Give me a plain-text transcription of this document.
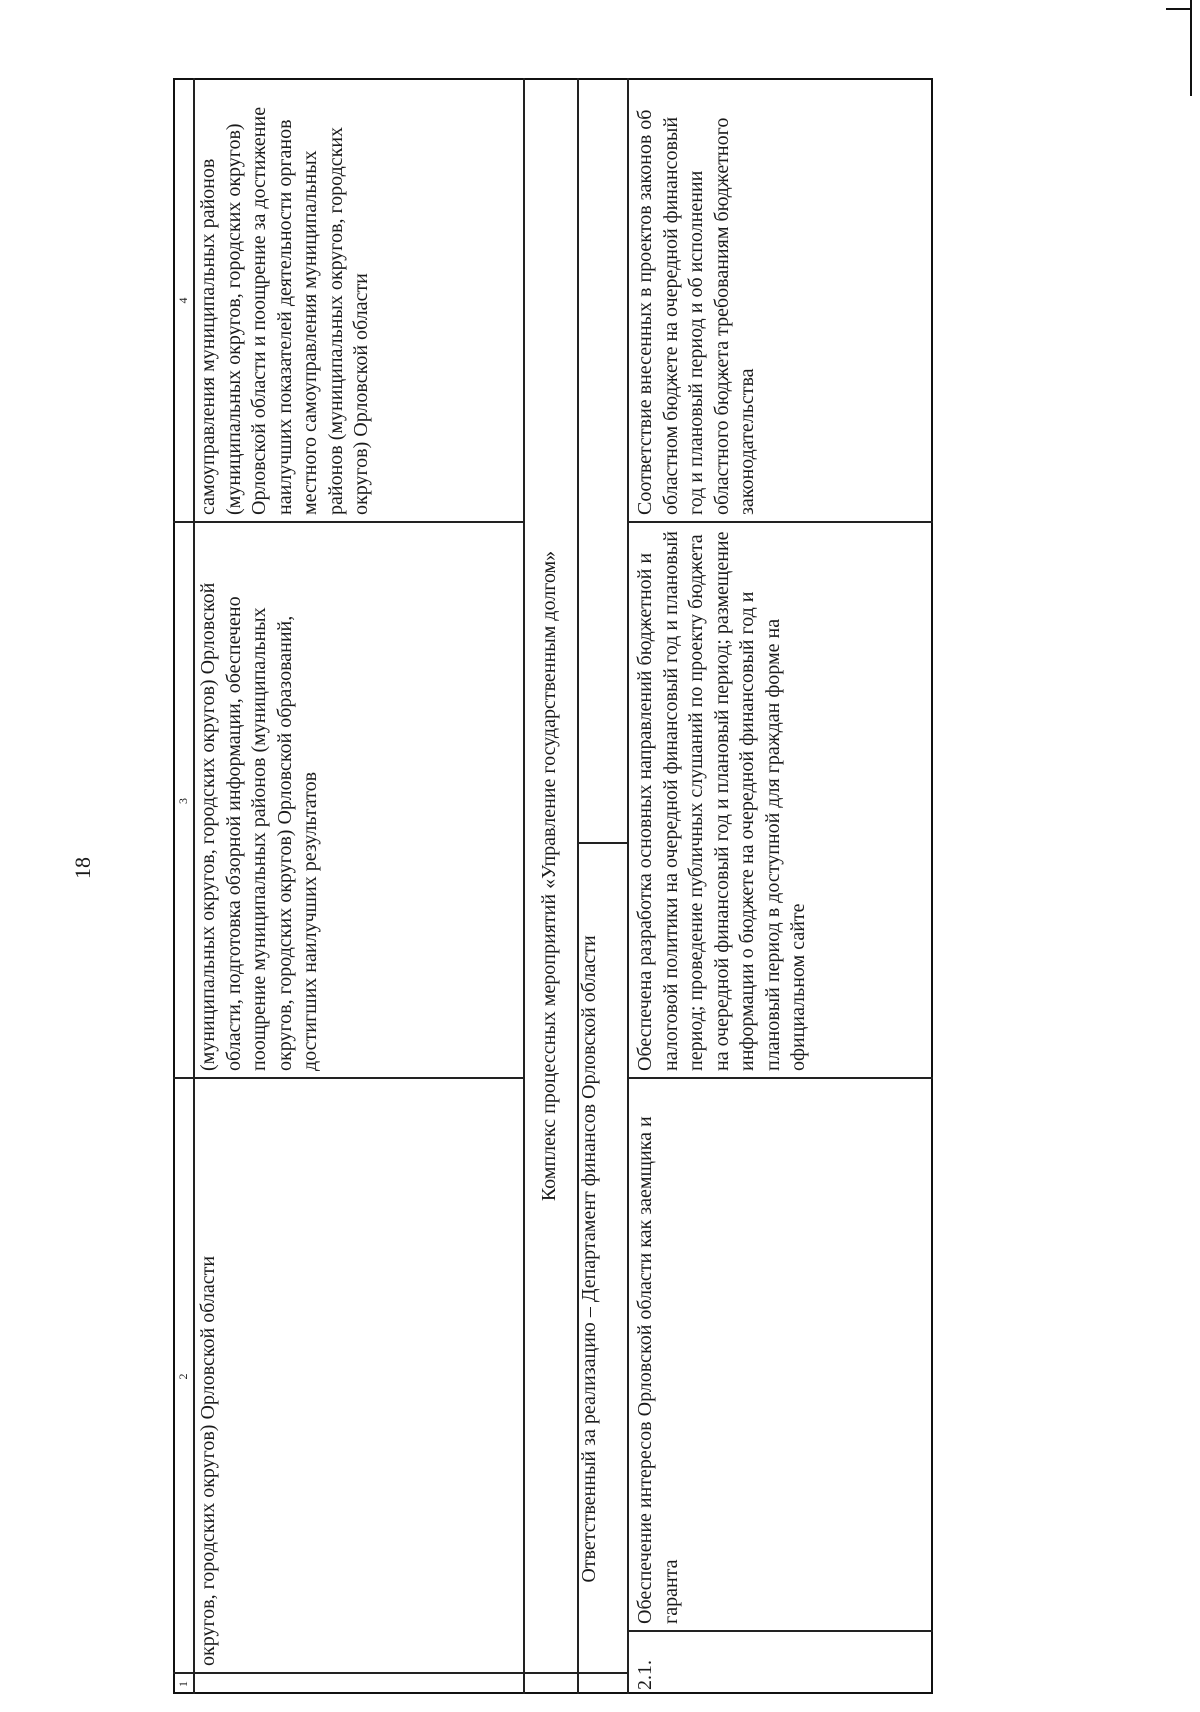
18
1
2
3
4
округов, городских округов) Орловской области
(муниципальных округов, городских округов) Орловской области, подготовка обзорной информации, обеспечено поощрение муниципальных районов (муниципальных округов, городских округов) Орловской образований, достигших наилучших результатов
самоуправления муниципальных районов (муниципальных округов, городских округов) Орловской области и поощрение за достижение наилучших показателей деятельности органов местного самоуправления муниципальных районов (муниципальных округов, городских округов) Орловской области
Комплекс процессных мероприятий «Управление государственным долгом»
Ответственный за реализацию – Департамент финансов Орловской области
2.1.
Обеспечение интересов Орловской области как заемщика и гаранта
Обеспечена разработка основных направлений бюджетной и налоговой политики на очередной финансовый год и плановый период; проведение публичных слушаний по проекту бюджета на очередной финансовый год и плановый период; размещение информации о бюджете на очередной финансовый год и плановый период в доступной для граждан форме на официальном сайте
Соответствие внесенных в проектов законов об областном бюджете на очередной финансовый год и плановый период и об исполнении областного бюджета требованиям бюджетного законодательства
